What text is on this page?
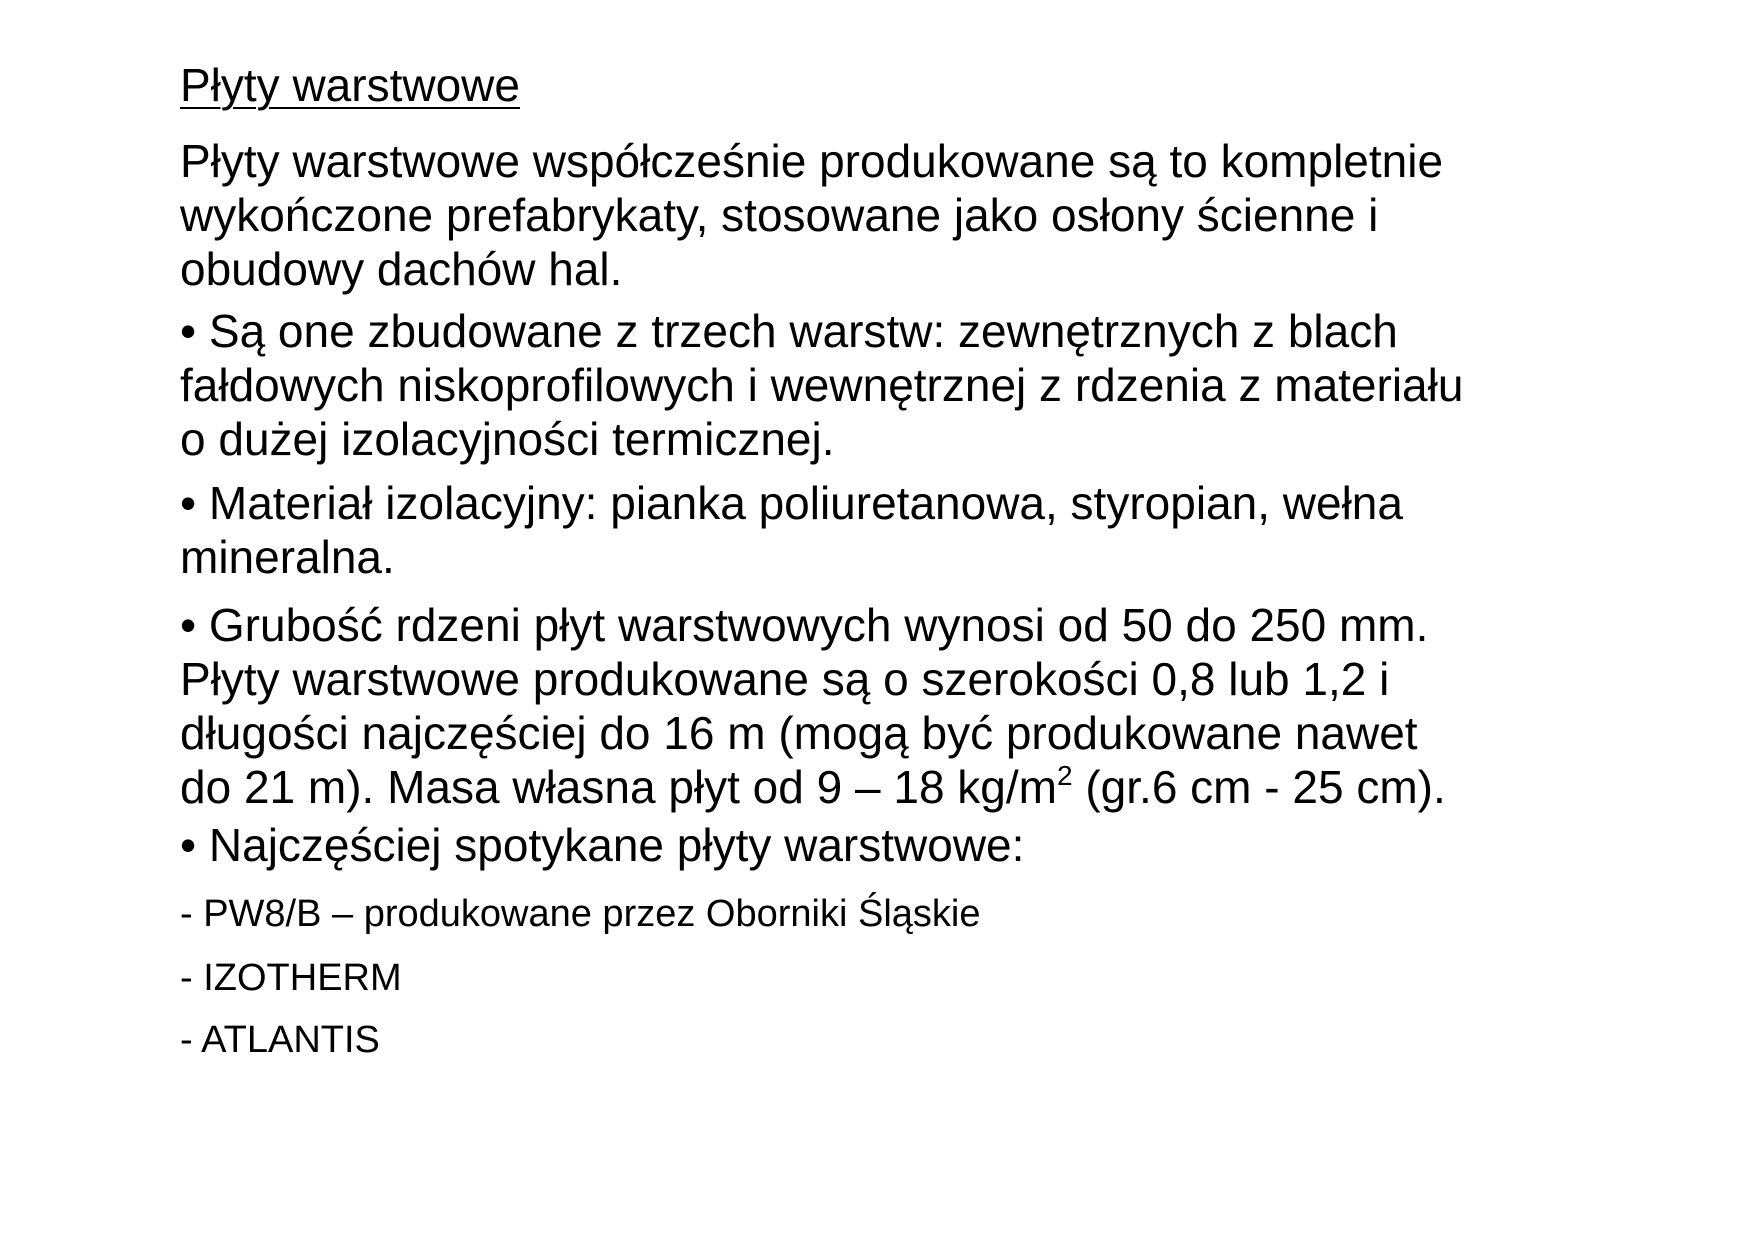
Płyty warstwowe
Płyty warstwowe współcześnie produkowane są to kompletnie
wykończone prefabrykaty, stosowane jako osłony ścienne i
obudowy dachów hal.
• Są one zbudowane z trzech warstw: zewnętrznych z blach
fałdowych niskoprofilowych i wewnętrznej z rdzenia z materiału
o dużej izolacyjności termicznej.
• Materiał izolacyjny: pianka poliuretanowa, styropian, wełna
mineralna.
• Grubość rdzeni płyt warstwowych wynosi od 50 do 250 mm.
Płyty warstwowe produkowane są o szerokości 0,8 lub 1,2 i
długości najczęściej do 16 m (mogą być produkowane nawet
do 21 m). Masa własna płyt od 9 – 18 $kg/m^2$ (gr.6 cm - 25 cm).
• Najczęściej spotykane płyty warstwowe:
- PW8/B – produkowane przez Oborniki Śląskie
- IZOTHERM
- ATLANTIS
